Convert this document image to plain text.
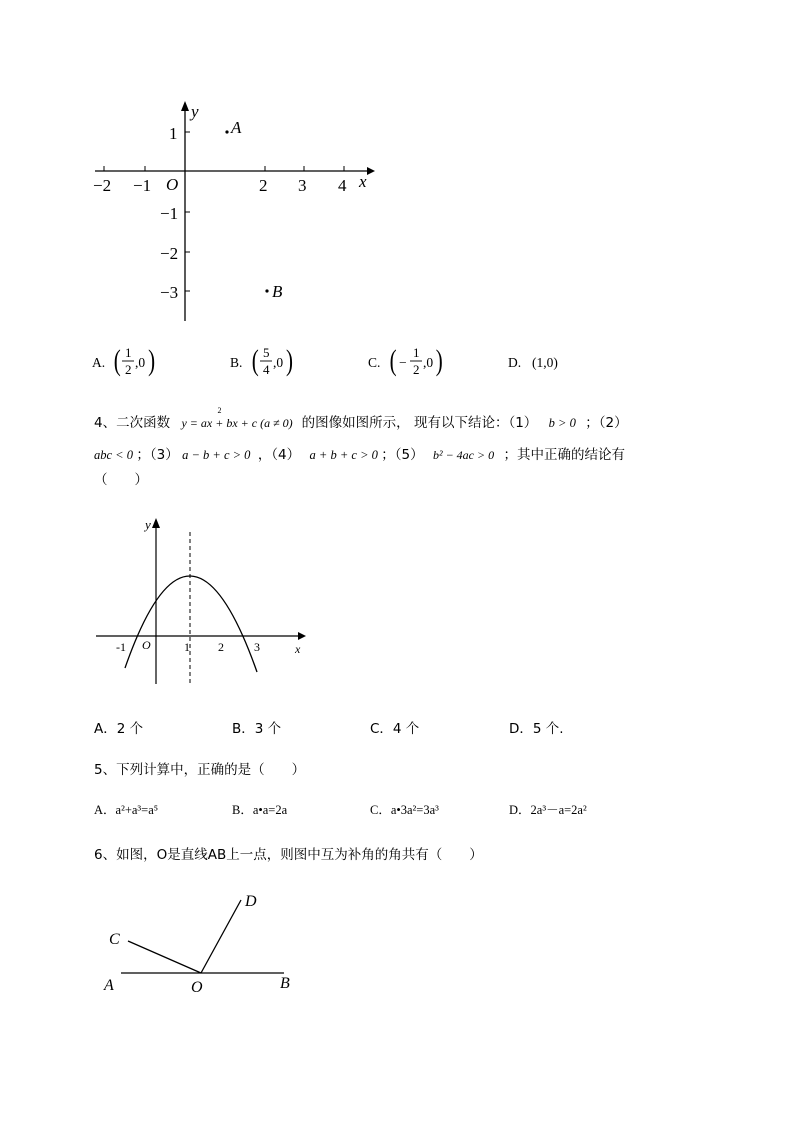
y
x
O
−2 −1	2 3 4
1
−1
−2
−3
A
B
A. ( 1
2 ,0 )	B. ( 5
4 ,0 )	C. ( −
1
2 ,0 )	D. (1,0)
4、二次函数 y = ax + bx + c (a ≠ 0)
2
的图像如图所示， 现有以下结论：（1） b > 0 ；（2）
abc < 0 ；（3） a − b + c > 0 ，（4） a + b + c > 0 ；（5） b² − 4ac > 0 ；其中正确的结论有
（　　）
x
y
O
-1	1 2	3
A．2 个	B．3 个	C．4 个	D．5 个.
5、下列计算中，正确的是（　　）
A．a²+a³=a⁵	B．a•a=2a	C．a•3a²=3a³	D．2a³－a=2a²
6、如图，O是直线AB上一点，则图中互为补角的角共有（　　）
A	B
C
D
O
